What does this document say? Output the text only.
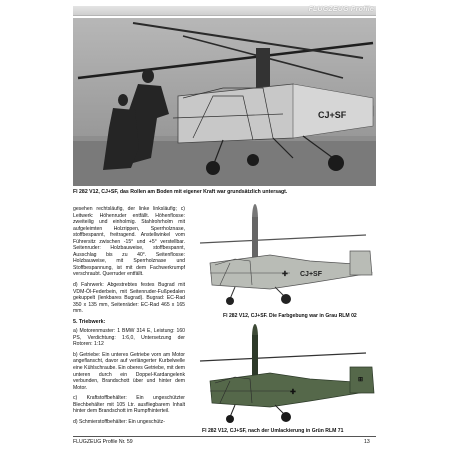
FLUGZEUG Profile
CJ+SF
Fl 282 V12, CJ+SF, das Rollen am Boden mit eigener Kraft war grundsätzlich untersagt.

gesehen rechtsläufig, der linke linksläufig; c) Leitwerk: Höhenruder entfällt. Höhenflosse: zweiteilig und einholmig. Stahlrohrholm mit aufgeleimten Holzrippen, Sperrholznase, stoffbespannt, freitragend. Anstellwinkel vom Führersitz zwischen -15° und +5° verstellbar. Seitenruder: Holzbauweise, stoffbespannt, Ausschlag bis zu 40°. Seitenflosse: Holzbauweise, mit Sperrholznase und Stoffbespannung, ist mit dem Fachwerkrumpf verschraubt. Querruder entfällt.

d) Fahrwerk: Abgestrebtes festes Bugrad mit VDM-Öl-Federbein, mit Seitenruder-Fußpedalen gekuppelt (lenkbares Bugrad). Bugrad: EC-Rad 350 x 135 mm, Seitenräder: EC-Rad 465 x 165 mm.

5. Triebwerk:

a) Motorenmuster: 1 BMW 314 E, Leistung: 160 PS, Verdichtung: 1:6,0, Untersetzung der Rotoren: 1:12

b) Getriebe: Ein unteres Getriebe vorn am Motor angeflanscht, davor auf verlängerter Kurbelwelle eine Kühlschraube. Ein oberes Getriebe, mit dem unteren durch ein Doppel-Kardangelenk verbunden, Brandschott über und hinter dem Motor.

c) Kraftstoffbehälter: Ein ungeschützter Blechbehälter mit 105 Ltr. ausfliegbarem Inhalt hinter dem Brandschott im Rumpfhinterteil.

d) Schmierstoffbehälter: Ein ungeschütz-

CJ+SF
✚
Fl 282 V12, CJ+SF. Die Farbgebung war in Grau RLM 02
✚
⊞
Fl 282 V12, CJ+SF, nach der Umlackierung in Grün RLM 71
FLUGZEUG Profile Nr. 59	13
